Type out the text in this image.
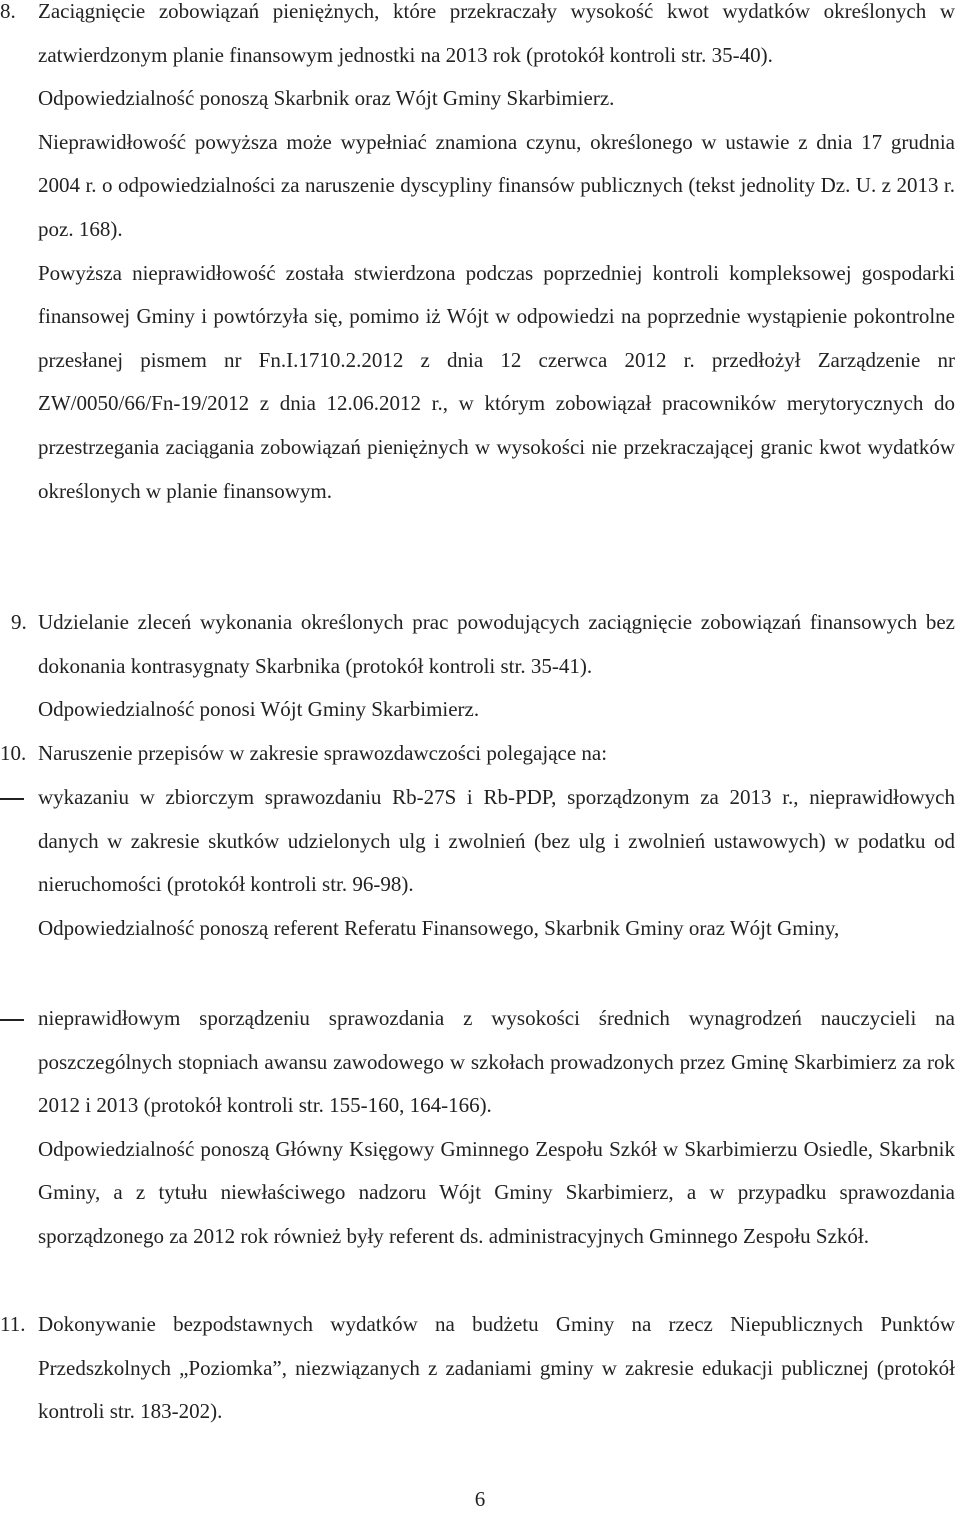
8. Zaciągnięcie zobowiązań pieniężnych, które przekraczały wysokość kwot wydatków określonych w zatwierdzonym planie finansowym jednostki na 2013 rok (protokół kontroli str. 35-40).

Odpowiedzialność ponoszą Skarbnik oraz Wójt Gminy Skarbimierz.

Nieprawidłowość powyższa może wypełniać znamiona czynu, określonego w ustawie z dnia 17 grudnia 2004 r. o odpowiedzialności za naruszenie dyscypliny finansów publicznych (tekst jednolity Dz. U. z 2013 r. poz. 168).

Powyższa nieprawidłowość została stwierdzona podczas poprzedniej kontroli kompleksowej gospodarki finansowej Gminy i powtórzyła się, pomimo iż Wójt w odpowiedzi na poprzednie wystąpienie pokontrolne przesłanej pismem nr Fn.I.1710.2.2012 z dnia 12 czerwca 2012 r. przedłożył Zarządzenie nr ZW/0050/66/Fn-19/2012 z dnia 12.06.2012 r., w którym zobowiązał pracowników merytorycznych do przestrzegania zaciągania zobowiązań pieniężnych w wysokości nie przekraczającej granic kwot wydatków określonych w planie finansowym.

9. Udzielanie zleceń wykonania określonych prac powodujących zaciągnięcie zobowiązań finansowych bez dokonania kontrasygnaty Skarbnika (protokół kontroli str. 35-41).

Odpowiedzialność ponosi Wójt Gminy Skarbimierz.

10. Naruszenie przepisów w zakresie sprawozdawczości polegające na:

wykazaniu w zbiorczym sprawozdaniu Rb-27S i Rb-PDP, sporządzonym za 2013 r., nieprawidłowych danych w zakresie skutków udzielonych ulg i zwolnień (bez ulg i zwolnień ustawowych) w podatku od nieruchomości (protokół kontroli str. 96-98).

Odpowiedzialność ponoszą referent Referatu Finansowego, Skarbnik Gminy oraz Wójt Gminy,

nieprawidłowym sporządzeniu sprawozdania z wysokości średnich wynagrodzeń nauczycieli na poszczególnych stopniach awansu zawodowego w szkołach prowadzonych przez Gminę Skarbimierz za rok 2012 i 2013 (protokół kontroli str. 155-160, 164-166).

Odpowiedzialność ponoszą Główny Księgowy Gminnego Zespołu Szkół w Skarbimierzu Osiedle, Skarbnik Gminy, a z tytułu niewłaściwego nadzoru Wójt Gminy Skarbimierz, a w przypadku sprawozdania sporządzonego za 2012 rok również były referent ds. administracyjnych Gminnego Zespołu Szkół.

11. Dokonywanie bezpodstawnych wydatków na budżetu Gminy na rzecz Niepublicznych Punktów Przedszkolnych „Poziomka”, niezwiązanych z zadaniami gminy w zakresie edukacji publicznej (protokół kontroli str. 183-202).

6
